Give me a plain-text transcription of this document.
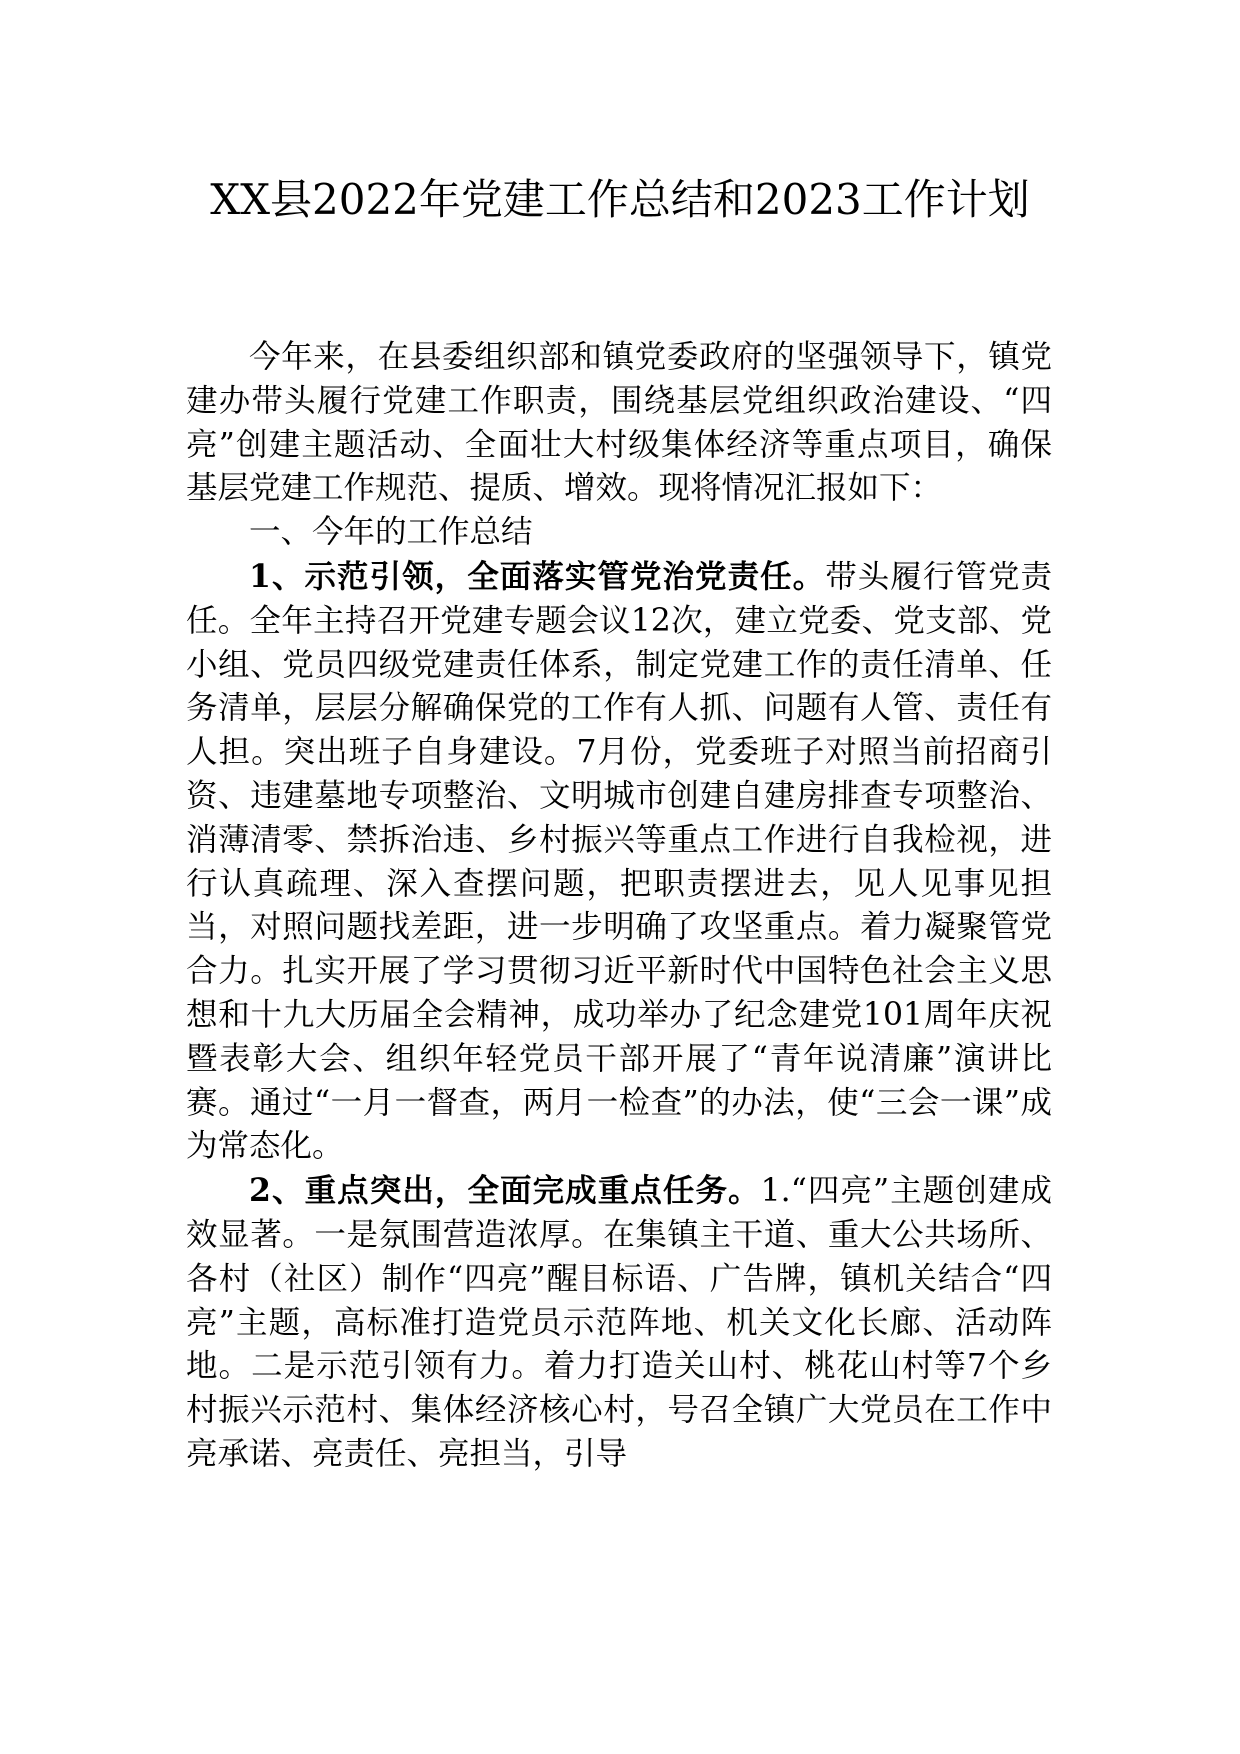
XX县2022年党建工作总结和2023工作计划

今年来，在县委组织部和镇党委政府的坚强领导下，镇党建办带头履行党建工作职责，围绕基层党组织政治建设、“四亮”创建主题活动、全面壮大村级集体经济等重点项目，确保基层党建工作规范、提质、增效。现将情况汇报如下：

一、今年的工作总结

1、示范引领，全面落实管党治党责任。带头履行管党责任。全年主持召开党建专题会议12次，建立党委、党支部、党小组、党员四级党建责任体系，制定党建工作的责任清单、任务清单，层层分解确保党的工作有人抓、问题有人管、责任有人担。突出班子自身建设。7月份，党委班子对照当前招商引资、违建墓地专项整治、文明城市创建自建房排查专项整治、消薄清零、禁拆治违、乡村振兴等重点工作进行自我检视，进行认真疏理、深入查摆问题，把职责摆进去，见人见事见担当，对照问题找差距，进一步明确了攻坚重点。着力凝聚管党合力。扎实开展了学习贯彻习近平新时代中国特色社会主义思想和十九大历届全会精神，成功举办了纪念建党101周年庆祝暨表彰大会、组织年轻党员干部开展了“青年说清廉”演讲比赛。通过“一月一督查，两月一检查”的办法，使“三会一课”成为常态化。

2、重点突出，全面完成重点任务。1.“四亮”主题创建成效显著。一是氛围营造浓厚。在集镇主干道、重大公共场所、各村（社区）制作“四亮”醒目标语、广告牌，镇机关结合“四亮”主题，高标准打造党员示范阵地、机关文化长廊、活动阵地。二是示范引领有力。着力打造关山村、桃花山村等7个乡村振兴示范村、集体经济核心村，号召全镇广大党员在工作中亮承诺、亮责任、亮担当，引导
